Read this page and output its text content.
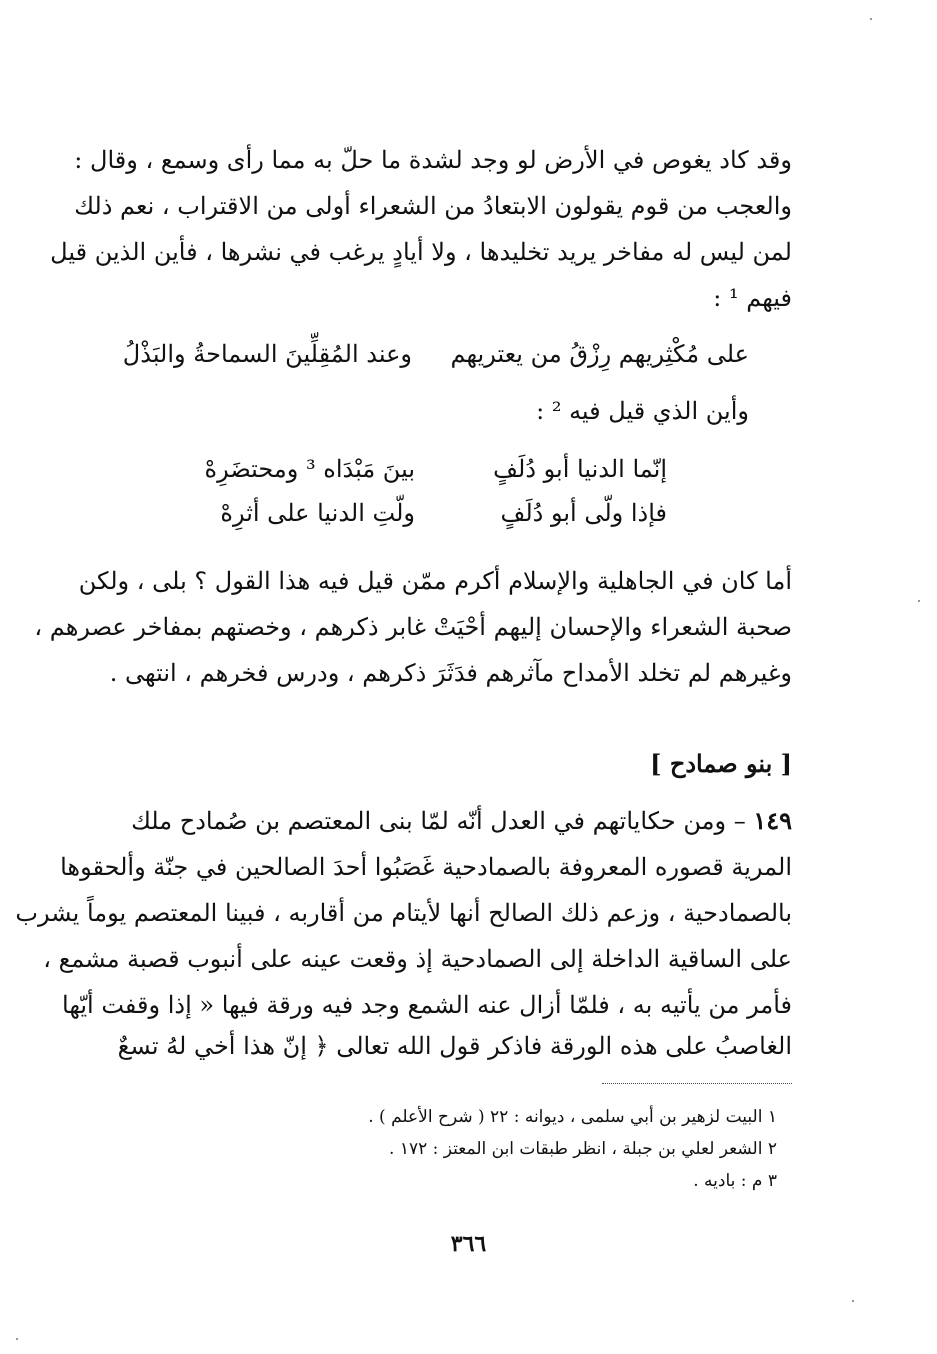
وقد كاد يغوص في الأرض لو وجد لشدة ما حلّ به مما رأى وسمع ، وقال :
والعجب من قوم يقولون الابتعادُ من الشعراء أولى من الاقتراب ، نعم ذلك
لمن ليس له مفاخر يريد تخليدها ، ولا أيادٍ يرغب في نشرها ، فأين الذين قيل
فيهم ¹ :
على مُكْثِريهم رِزْقُ من يعتريهم
وعند المُقِلِّينَ السماحةُ والبَذْلُ
وأين الذي قيل فيه ² :
إنّما الدنيا أبو دُلَفٍ
بينَ مَبْدَاه ³ ومحتضَرِهْ
فإذا ولّى أبو دُلَفٍ
ولّتِ الدنيا على أثرِهْ
أما كان في الجاهلية والإسلام أكرم ممّن قيل فيه هذا القول ؟ بلى ، ولكن
صحبة الشعراء والإحسان إليهم أحْيَتْ غابر ذكرهم ، وخصتهم بمفاخر عصرهم ،
وغيرهم لم تخلد الأمداح مآثرهم فدَثَرَ ذكرهم ، ودرس فخرهم ، انتهى .
[ بنو صمادح ]
١٤٩ – ومن حكاياتهم في العدل أنّه لمّا بنى المعتصم بن صُمادح ملك
المرية قصوره المعروفة بالصمادحية غَصَبُوا أحدَ الصالحين في جنّة وألحقوها
بالصمادحية ، وزعم ذلك الصالح أنها لأيتام من أقاربه ، فبينا المعتصم يوماً يشرب
على الساقية الداخلة إلى الصمادحية إذ وقعت عينه على أنبوب قصبة مشمع ،
فأمر من يأتيه به ، فلمّا أزال عنه الشمع وجد فيه ورقة فيها « إذا وقفت أيّها
الغاصبُ على هذه الورقة فاذكر قول الله تعالى ﴿ إنّ هذا أخي لهُ تسعٌ
١ البيت لزهير بن أبي سلمى ، ديوانه : ٢٢ ( شرح الأعلم ) .
٢ الشعر لعلي بن جبلة ، انظر طبقات ابن المعتز : ١٧٢ .
٣ م : باديه .
٣٦٦
